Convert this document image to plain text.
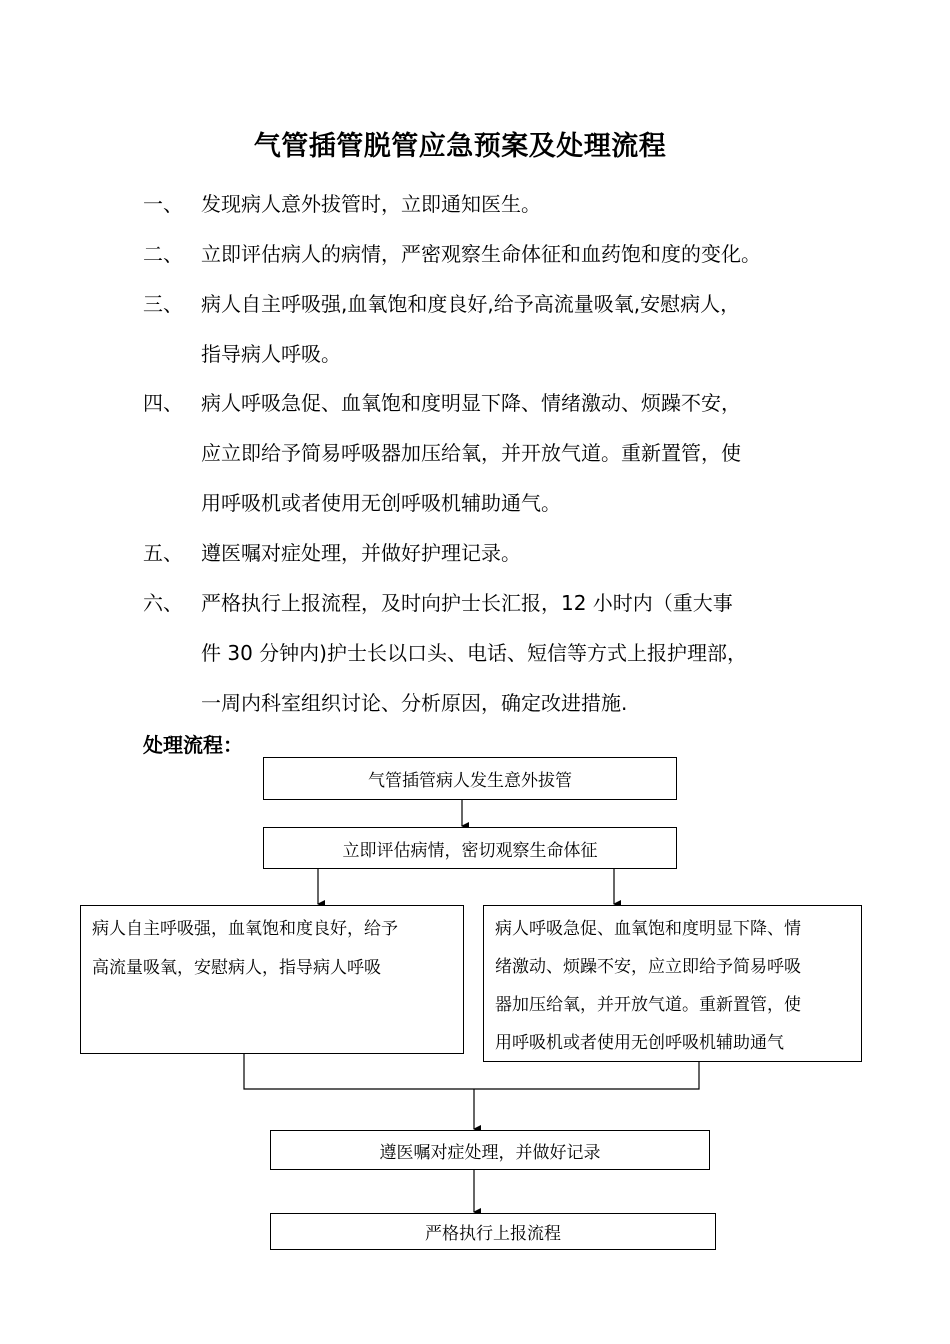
气管插管脱管应急预案及处理流程
一、 发现病人意外拔管时，立即通知医生。
二、 立即评估病人的病情，严密观察生命体征和血药饱和度的变化。
三、 病人自主呼吸强,血氧饱和度良好,给予高流量吸氧,安慰病人，
指导病人呼吸。
四、 病人呼吸急促、血氧饱和度明显下降、情绪激动、烦躁不安，
应立即给予简易呼吸器加压给氧，并开放气道。重新置管，使
用呼吸机或者使用无创呼吸机辅助通气。
五、 遵医嘱对症处理，并做好护理记录。
六、 严格执行上报流程，及时向护士长汇报，12 小时内（重大事
件 30 分钟内)护士长以口头、电话、短信等方式上报护理部，
一周内科室组织讨论、分析原因，确定改进措施.
处理流程：
气管插管病人发生意外拔管
立即评估病情，密切观察生命体征
病人自主呼吸强，血氧饱和度良好，给予
高流量吸氧，安慰病人，指导病人呼吸
病人呼吸急促、血氧饱和度明显下降、情
绪激动、烦躁不安，应立即给予简易呼吸
器加压给氧，并开放气道。重新置管，使
用呼吸机或者使用无创呼吸机辅助通气
遵医嘱对症处理，并做好记录
严格执行上报流程
